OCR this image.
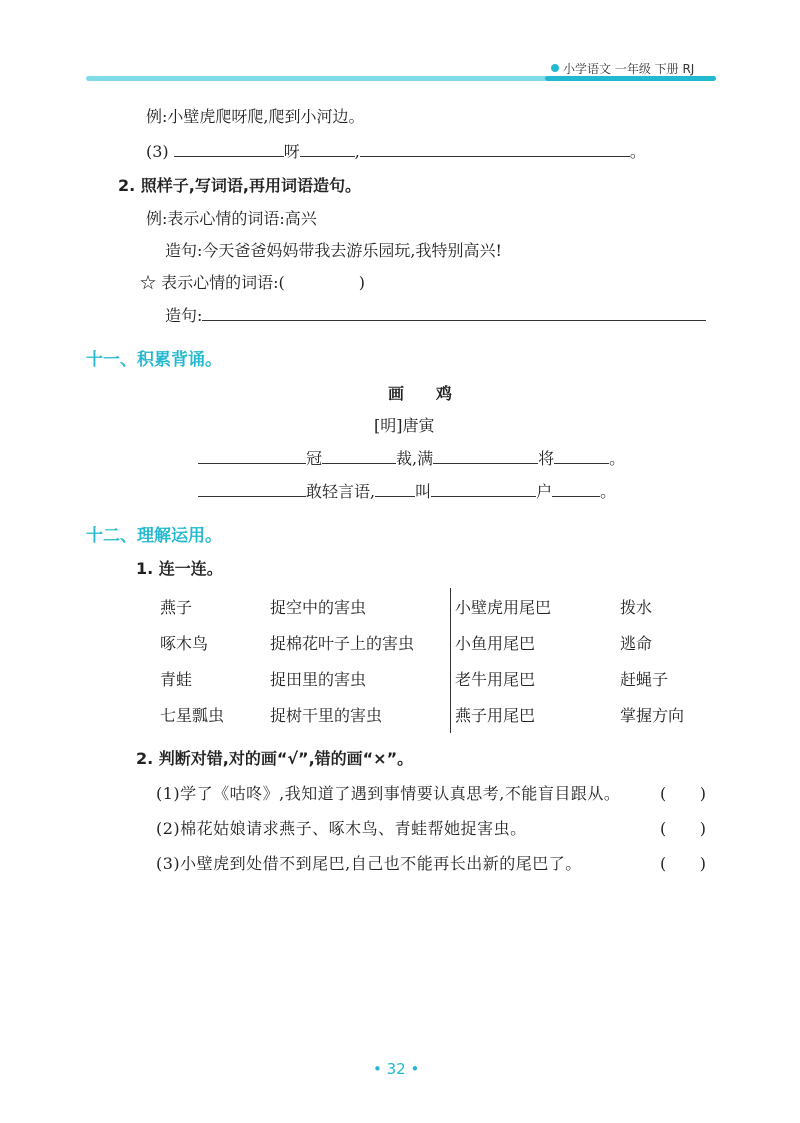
小学语文 一年级 下册 RJ
例:小壁虎爬呀爬,爬到小河边。
(3)	呀	,	。
2. 照样子,写词语,再用词语造句。
例:表示心情的词语:高兴
造句:今天爸爸妈妈带我去游乐园玩,我特别高兴!
☆ 表示心情的词语:(	)
造句:
十一、积累背诵。
画　　鸡
[明]唐寅
冠	裁,满	将	。
敢轻言语,	叫	户	。
十二、理解运用。
1. 连一连。
燕子	捉空中的害虫	小壁虎用尾巴	拨水
啄木鸟	捉棉花叶子上的害虫	小鱼用尾巴	逃命
青蛙	捉田里的害虫	老牛用尾巴	赶蝇子
七星瓢虫	捉树干里的害虫	燕子用尾巴	掌握方向
2. 判断对错,对的画“√”,错的画“×”。
(1)学了《咕咚》,我知道了遇到事情要认真思考,不能盲目跟从。 (　　)
(2)棉花姑娘请求燕子、啄木鸟、青蛙帮她捉害虫。	(　　)
(3)小壁虎到处借不到尾巴,自己也不能再长出新的尾巴了。	(　　)
• 32 •
